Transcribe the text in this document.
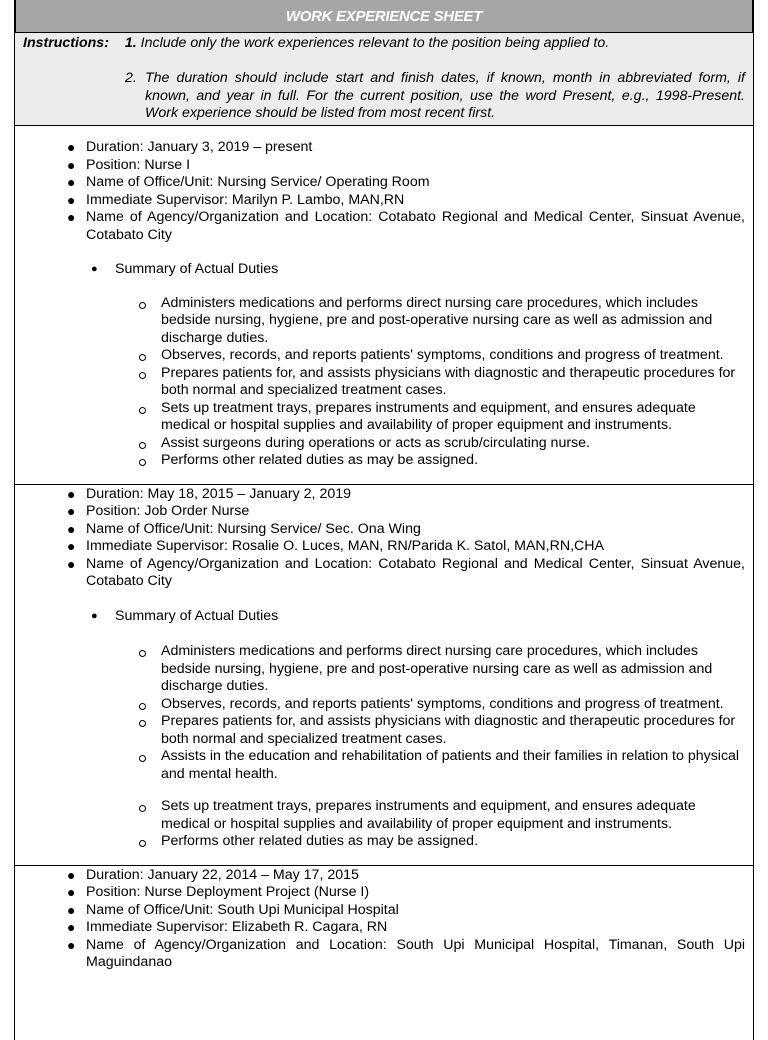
WORK EXPERIENCE SHEET
Instructions: 1. Include only the work experiences relevant to the position being applied to.
2. The duration should include start and finish dates, if known, month in abbreviated form, if known, and year in full. For the current position, use the word Present, e.g., 1998-Present. Work experience should be listed from most recent first.
● Duration: January 3, 2019 – present
● Position: Nurse I
● Name of Office/Unit: Nursing Service/ Operating Room
● Immediate Supervisor: Marilyn P. Lambo, MAN,RN
● Name of Agency/Organization and Location: Cotabato Regional and Medical Center, Sinsuat Avenue, Cotabato City
● Summary of Actual Duties
Administers medications and performs direct nursing care procedures, which includes bedside nursing, hygiene, pre and post-operative nursing care as well as admission and discharge duties.
Observes, records, and reports patients' symptoms, conditions and progress of treatment.
Prepares patients for, and assists physicians with diagnostic and therapeutic procedures for both normal and specialized treatment cases.
Sets up treatment trays, prepares instruments and equipment, and ensures adequate medical or hospital supplies and availability of proper equipment and instruments.
Assist surgeons during operations or acts as scrub/circulating nurse.
Performs other related duties as may be assigned.
● Duration: May 18, 2015 – January 2, 2019
● Position: Job Order Nurse
● Name of Office/Unit: Nursing Service/ Sec. Ona Wing
● Immediate Supervisor: Rosalie O. Luces, MAN, RN/Parida K. Satol, MAN,RN,CHA
● Name of Agency/Organization and Location: Cotabato Regional and Medical Center, Sinsuat Avenue, Cotabato City
● Summary of Actual Duties
Administers medications and performs direct nursing care procedures, which includes bedside nursing, hygiene, pre and post-operative nursing care as well as admission and discharge duties.
Observes, records, and reports patients' symptoms, conditions and progress of treatment.
Prepares patients for, and assists physicians with diagnostic and therapeutic procedures for both normal and specialized treatment cases.
Assists in the education and rehabilitation of patients and their families in relation to physical and mental health.
Sets up treatment trays, prepares instruments and equipment, and ensures adequate medical or hospital supplies and availability of proper equipment and instruments.
Performs other related duties as may be assigned.
● Duration: January 22, 2014 – May 17, 2015
● Position: Nurse Deployment Project (Nurse I)
● Name of Office/Unit: South Upi Municipal Hospital
● Immediate Supervisor: Elizabeth R. Cagara, RN
● Name of Agency/Organization and Location: South Upi Municipal Hospital, Timanan, South Upi Maguindanao
